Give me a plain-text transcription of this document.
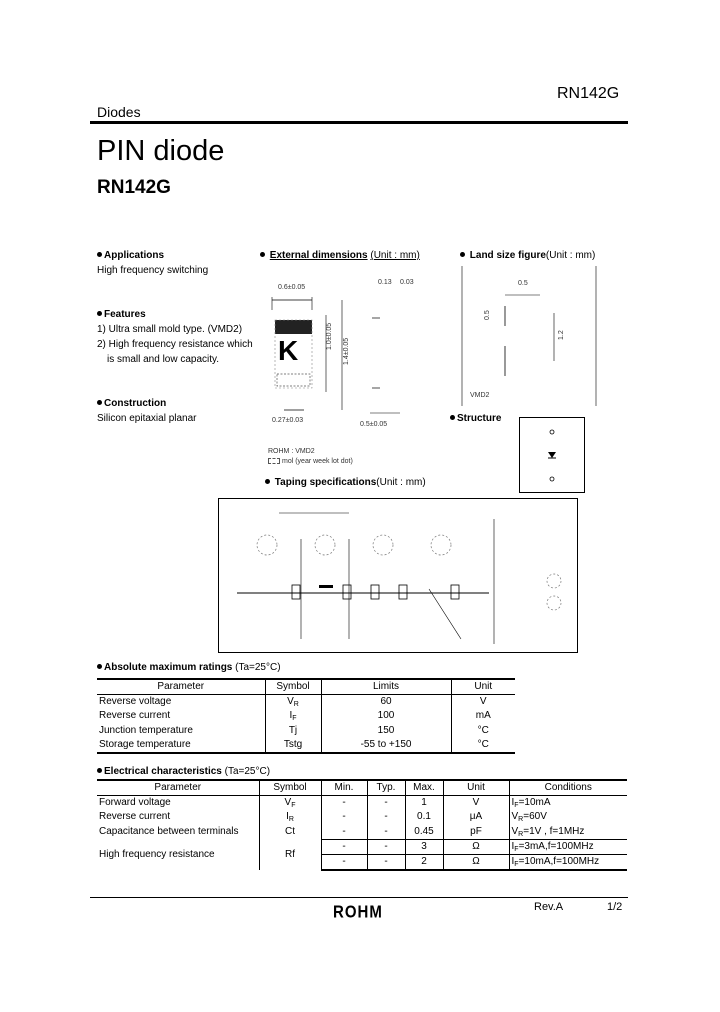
RN142G
Diodes
PIN diode
RN142G
Applications
High frequency switching
Features
1) Ultra small mold type. (VMD2)
2) High frequency resistance which
is small and low capacity.
Construction
Silicon epitaxial planar
External dimensions (Unit : mm)
0.6±0.05
0.13 0.03
K	1.0±0.05
1.4±0.05
0.27±0.03
0.5±0.05
ROHM : VMD2
mol (year week lot dot)
Land size figure(Unit : mm)
0.5
0.5
1.2
VMD2
Structure
Taping specifications(Unit : mm)
Absolute maximum ratings (Ta=25°C)
Parameter	Symbol	Limits	Unit
Reverse voltage	$V_R$	60	V
Reverse current	$I_F$	100	mA
Junction temperature	Tj	150	°C
Storage temperature	Tstg	-55 to +150	°C
Electrical characteristics (Ta=25°C)
Parameter	Symbol	Min.	Typ.	Max.	Unit	Conditions
Forward voltage	$V_F$	-	-	1	V	$I_F=10mA$
Reverse current	$I_R$	-	-	0.1	μA	$V_R=60V$
Capacitance between terminals	Ct	-	-	0.45	pF	$V_R=1V$ , f=1MHz
High frequency resistance	Rf	-	-	3	Ω	$I_F=3mA,f=100MHz$
		-	-	2	Ω	$I_F=10mA,f=100MHz$
ROHM	Rev.A	1/2
